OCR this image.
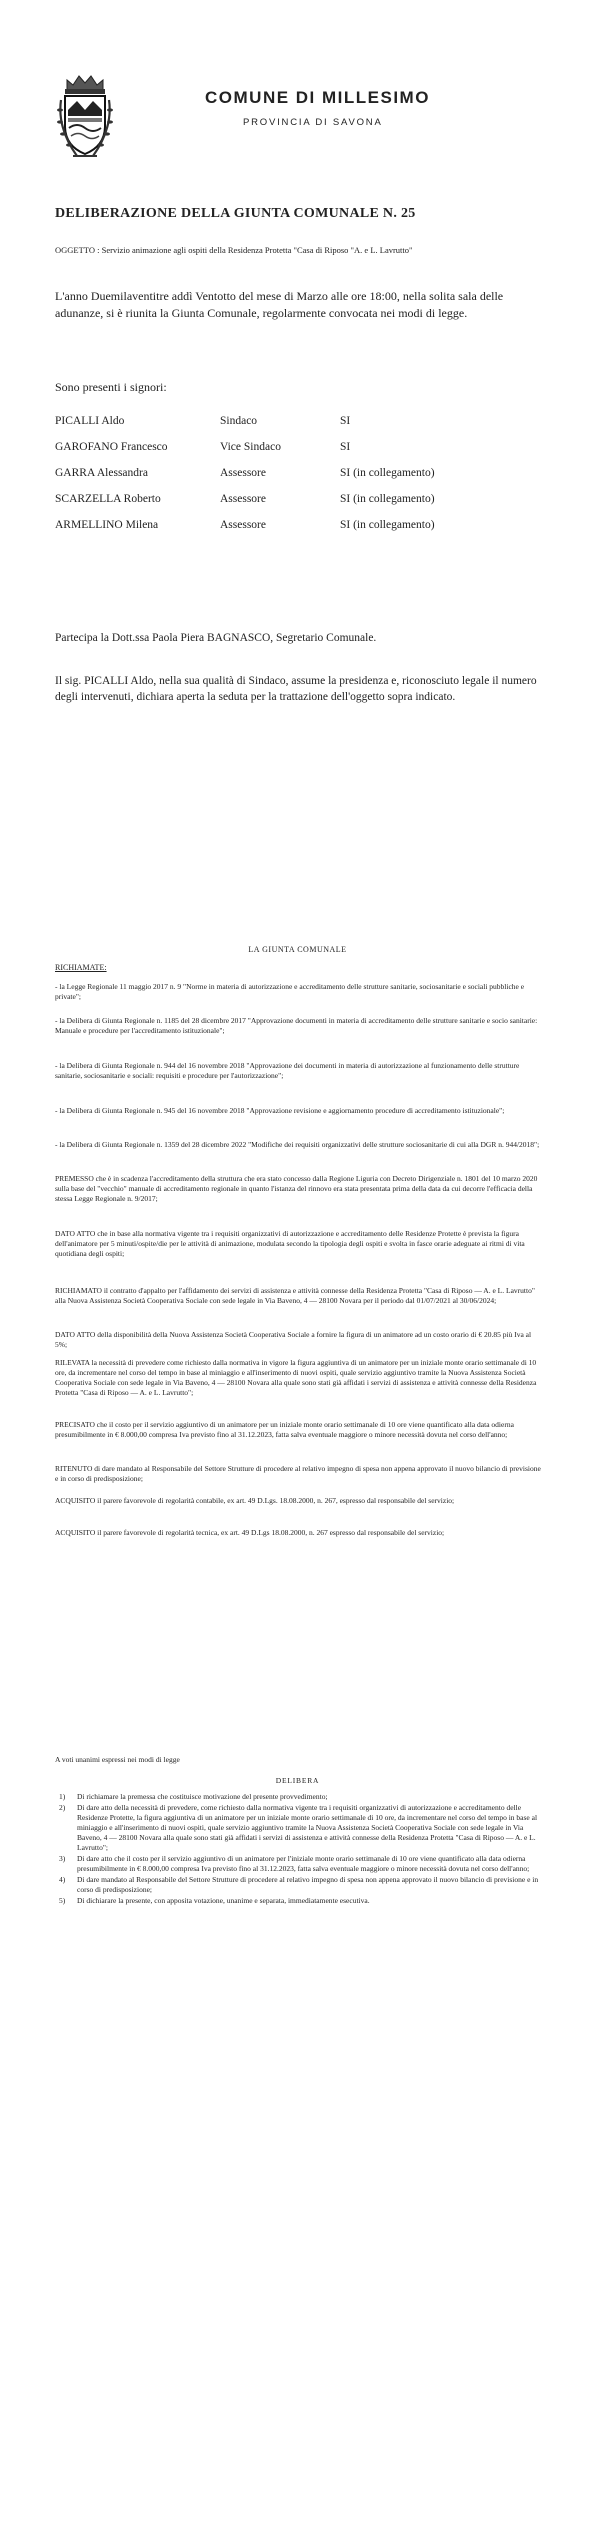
COMUNE DI MILLESIMO
PROVINCIA DI SAVONA
DELIBERAZIONE DELLA GIUNTA COMUNALE N. 25
OGGETTO : Servizio animazione agli ospiti della Residenza Protetta "Casa di Riposo "A. e L. Lavrutto"
L'anno Duemilaventitre addì Ventotto del mese di Marzo alle ore 18:00, nella solita sala delle adunanze, si è riunita la Giunta Comunale, regolarmente convocata nei modi di legge.
Sono presenti i signori:
PICALLI Aldo	Sindaco	SI
GAROFANO Francesco	Vice Sindaco	SI
GARRA Alessandra	Assessore	SI (in collegamento)
SCARZELLA Roberto	Assessore	SI (in collegamento)
ARMELLINO Milena	Assessore	SI (in collegamento)
Partecipa la Dott.ssa Paola Piera BAGNASCO, Segretario Comunale.
Il sig. PICALLI Aldo, nella sua qualità di Sindaco, assume la presidenza e, riconosciuto legale il numero degli intervenuti, dichiara aperta la seduta per la trattazione dell'oggetto sopra indicato.
LA GIUNTA COMUNALE
RICHIAMATE:
- la Legge Regionale 11 maggio 2017 n. 9 "Norme in materia di autorizzazione e accreditamento delle strutture sanitarie, sociosanitarie e sociali pubbliche e private";
- la Delibera di Giunta Regionale n. 1185 del 28 dicembre 2017 "Approvazione documenti in materia di accreditamento delle strutture sanitarie e socio sanitarie: Manuale e procedure per l'accreditamento istituzionale";
- la Delibera di Giunta Regionale n. 944 del 16 novembre 2018 "Approvazione dei documenti in materia di autorizzazione al funzionamento delle strutture sanitarie, sociosanitarie e sociali: requisiti e procedure per l'autorizzazione";
- la Delibera di Giunta Regionale n. 945 del 16 novembre 2018 "Approvazione revisione e aggiornamento procedure di accreditamento istituzionale";
- la Delibera di Giunta Regionale n. 1359 del 28 dicembre 2022 "Modifiche dei requisiti organizzativi delle strutture sociosanitarie di cui alla DGR n. 944/2018";
PREMESSO che è in scadenza l'accreditamento della struttura che era stato concesso dalla Regione Liguria con Decreto Dirigenziale n. 1801 del 10 marzo 2020 sulla base del "vecchio" manuale di accreditamento regionale in quanto l'istanza del rinnovo era stata presentata prima della data da cui decorre l'efficacia della stessa Legge Regionale n. 9/2017;
DATO ATTO che in base alla normativa vigente tra i requisiti organizzativi di autorizzazione e accreditamento delle Residenze Protette è prevista la figura dell'animatore per 5 minuti/ospite/die per le attività di animazione, modulata secondo la tipologia degli ospiti e svolta in fasce orarie adeguate ai ritmi di vita quotidiana degli ospiti;
RICHIAMATO il contratto d'appalto per l'affidamento dei servizi di assistenza e attività connesse della Residenza Protetta "Casa di Riposo — A. e L. Lavrutto" alla Nuova Assistenza Società Cooperativa Sociale con sede legale in Via Baveno, 4 — 28100 Novara per il periodo dal 01/07/2021 al 30/06/2024;
DATO ATTO della disponibilità della Nuova Assistenza Società Cooperativa Sociale a fornire la figura di un animatore ad un costo orario di € 20.85 più Iva al 5%;
RILEVATA la necessità di prevedere come richiesto dalla normativa in vigore la figura aggiuntiva di un animatore per un iniziale monte orario settimanale di 10 ore, da incrementare nel corso del tempo in base al miniaggio e all'inserimento di nuovi ospiti, quale servizio aggiuntivo tramite la Nuova Assistenza Società Cooperativa Sociale con sede legale in Via Baveno, 4 — 28100 Novara alla quale sono stati già affidati i servizi di assistenza e attività connesse della Residenza Protetta "Casa di Riposo — A. e L. Lavrutto";
PRECISATO che il costo per il servizio aggiuntivo di un animatore per un iniziale monte orario settimanale di 10 ore viene quantificato alla data odierna presumibilmente in € 8.000,00 compresa Iva previsto fino al 31.12.2023, fatta salva eventuale maggiore o minore necessità dovuta nel corso dell'anno;
RITENUTO di dare mandato al Responsabile del Settore Strutture di procedere al relativo impegno di spesa non appena approvato il nuovo bilancio di previsione e in corso di predisposizione;
ACQUISITO il parere favorevole di regolarità contabile, ex art. 49 D.Lgs. 18.08.2000, n. 267, espresso dal responsabile del servizio;
ACQUISITO il parere favorevole di regolarità tecnica, ex art. 49 D.Lgs 18.08.2000, n. 267 espresso dal responsabile del servizio;
A voti unanimi espressi nei modi di legge
DELIBERA
1) Di richiamare la premessa che costituisce motivazione del presente provvedimento;
2) Di dare atto della necessità di prevedere, come richiesto dalla normativa vigente tra i requisiti organizzativi di autorizzazione e accreditamento delle Residenze Protette, la figura aggiuntiva di un animatore per un iniziale monte orario settimanale di 10 ore, da incrementare nel corso del tempo in base al miniaggio e all'inserimento di nuovi ospiti, quale servizio aggiuntivo tramite la Nuova Assistenza Società Cooperativa Sociale con sede legale in Via Baveno, 4 — 28100 Novara alla quale sono stati già affidati i servizi di assistenza e attività connesse della Residenza Protetta "Casa di Riposo — A. e L. Lavrutto";
3) Di dare atto che il costo per il servizio aggiuntivo di un animatore per l'iniziale monte orario settimanale di 10 ore viene quantificato alla data odierna presumibilmente in € 8.000,00 compresa Iva previsto fino al 31.12.2023, fatta salva eventuale maggiore o minore necessità dovuta nel corso dell'anno;
4) Di dare mandato al Responsabile del Settore Strutture di procedere al relativo impegno di spesa non appena approvato il nuovo bilancio di previsione e in corso di predisposizione;
5) Di dichiarare la presente, con apposita votazione, unanime e separata, immediatamente esecutiva.
